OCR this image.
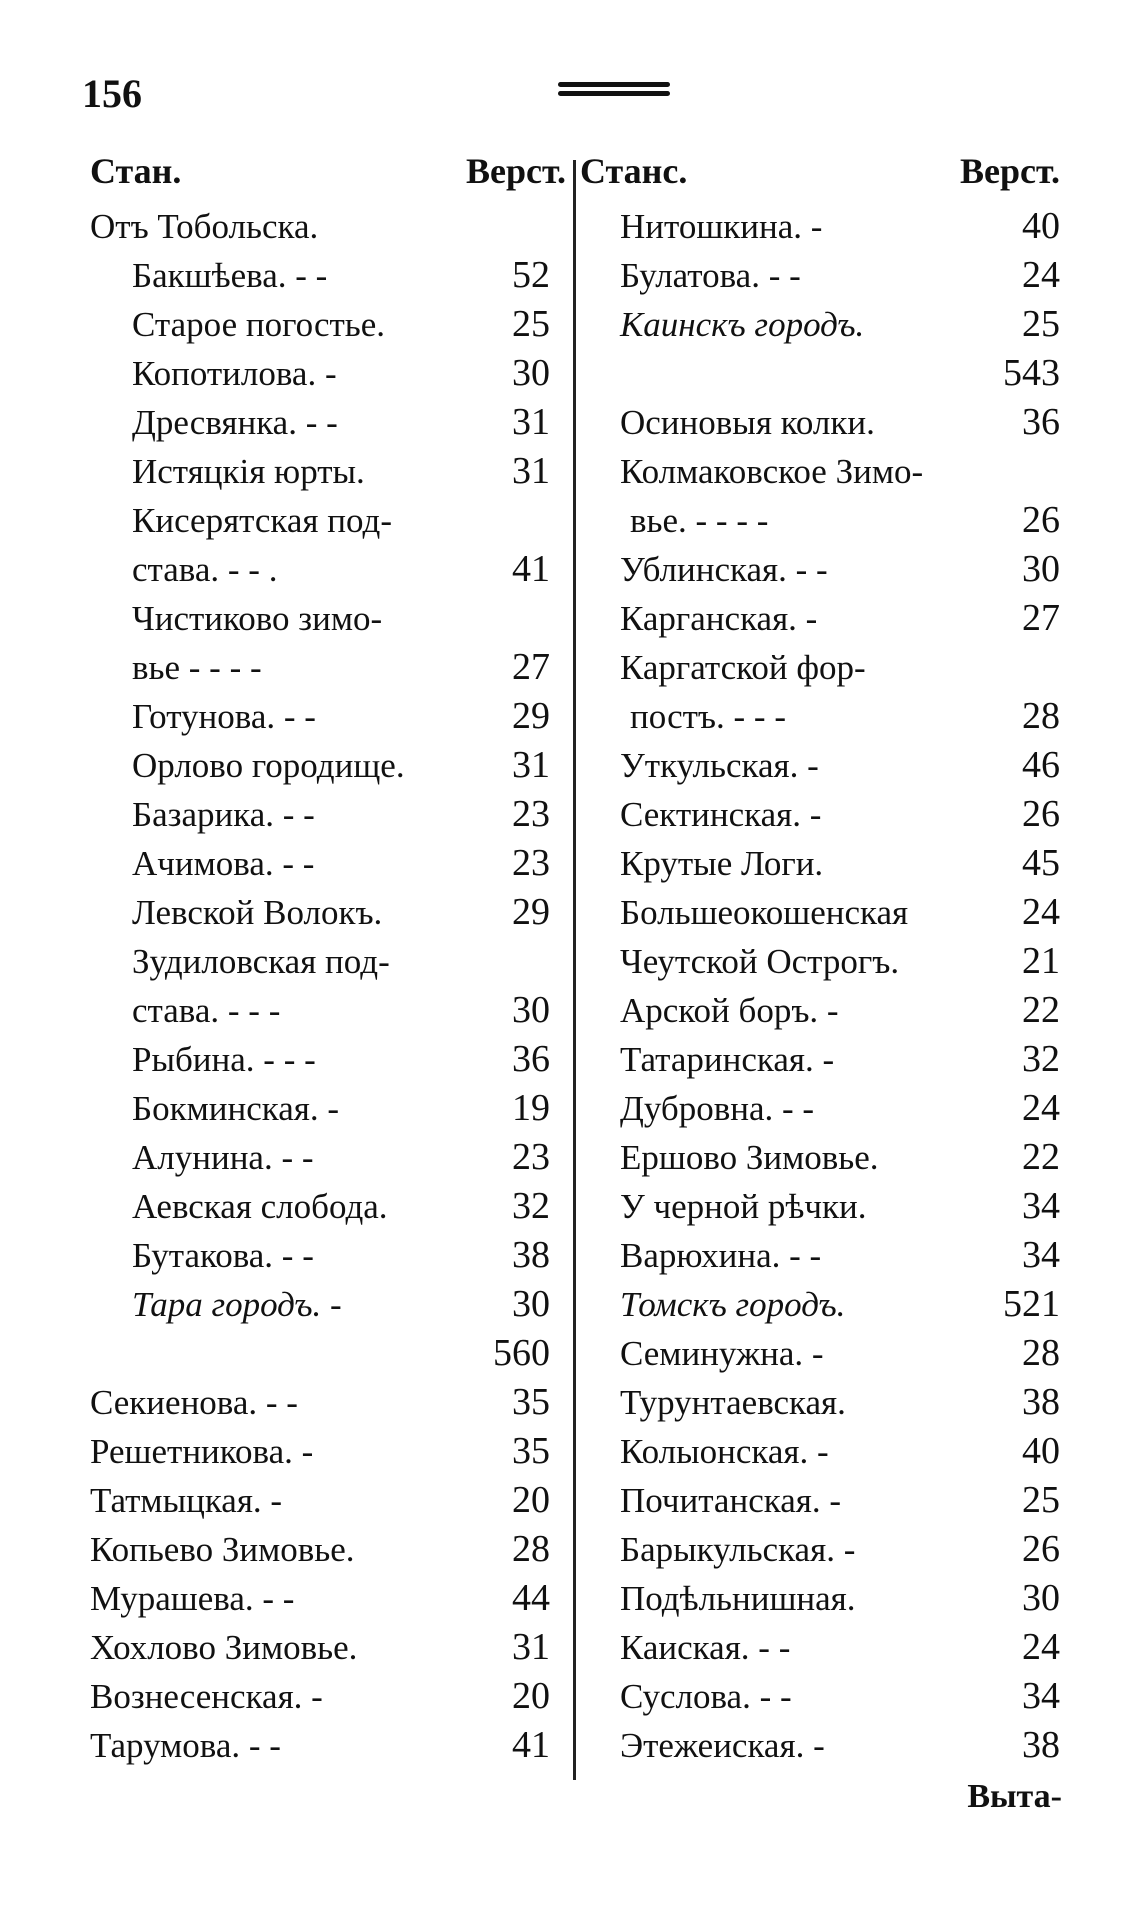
156
Стан.	Верст.
Отъ Тобольска.
Бакшѣева. - -	52
Старое погостье.	25
Копотилова. -	30
Дресвянка. - -	31
Истяцкія юрты.	31
Кисерятская под-
става. - - .	41
Чистиково зимо-
вье - - - -	27
Готунова. - -	29
Орлово городище.	31
Базарика. - -	23
Ачимова. - -	23
Левской Волокъ.	29
Зудиловская под-
става. - - -	30
Рыбина. - - -	36
Бокминская. -	19
Алунина. - -	23
Аевская слобода.	32
Бутакова. - -	38
Тара городъ. -	30
560
Секиенова. - -	35
Решетникова. -	35
Татмыцкая. -	20
Копьево Зимовье.	28
Мурашева. - -	44
Хохлово Зимовье.	31
Вознесенская. -	20
Тарумова. - -	41
Станс.	Верст.
Нитошкина. -	40
Булатова. - -	24
Каинскъ городъ.	25
543
Осиновыя колки.	36
Колмаковское Зимо-
вье. - - - -	26
Ублинская. - -	30
Карганская. -	27
Каргатской фор-
постъ. - - -	28
Уткульская. -	46
Сектинская. -	26
Крутые Логи.	45
Большеокошенская	24
Чеутской Острогъ.	21
Арской боръ. -	22
Татаринская. -	32
Дубровна. - -	24
Ершово Зимовье.	22
У черной рѣчки.	34
Варюхина. - -	34
Томскъ городъ.	521
Семинужна. -	28
Турунтаевская.	38
Колыонская. -	40
Почитанская. -	25
Барыкульская. -	26
Подѣльнишная.	30
Каиская. - -	24
Суслова. - -	34
Этежеиская. -	38
Выта-
